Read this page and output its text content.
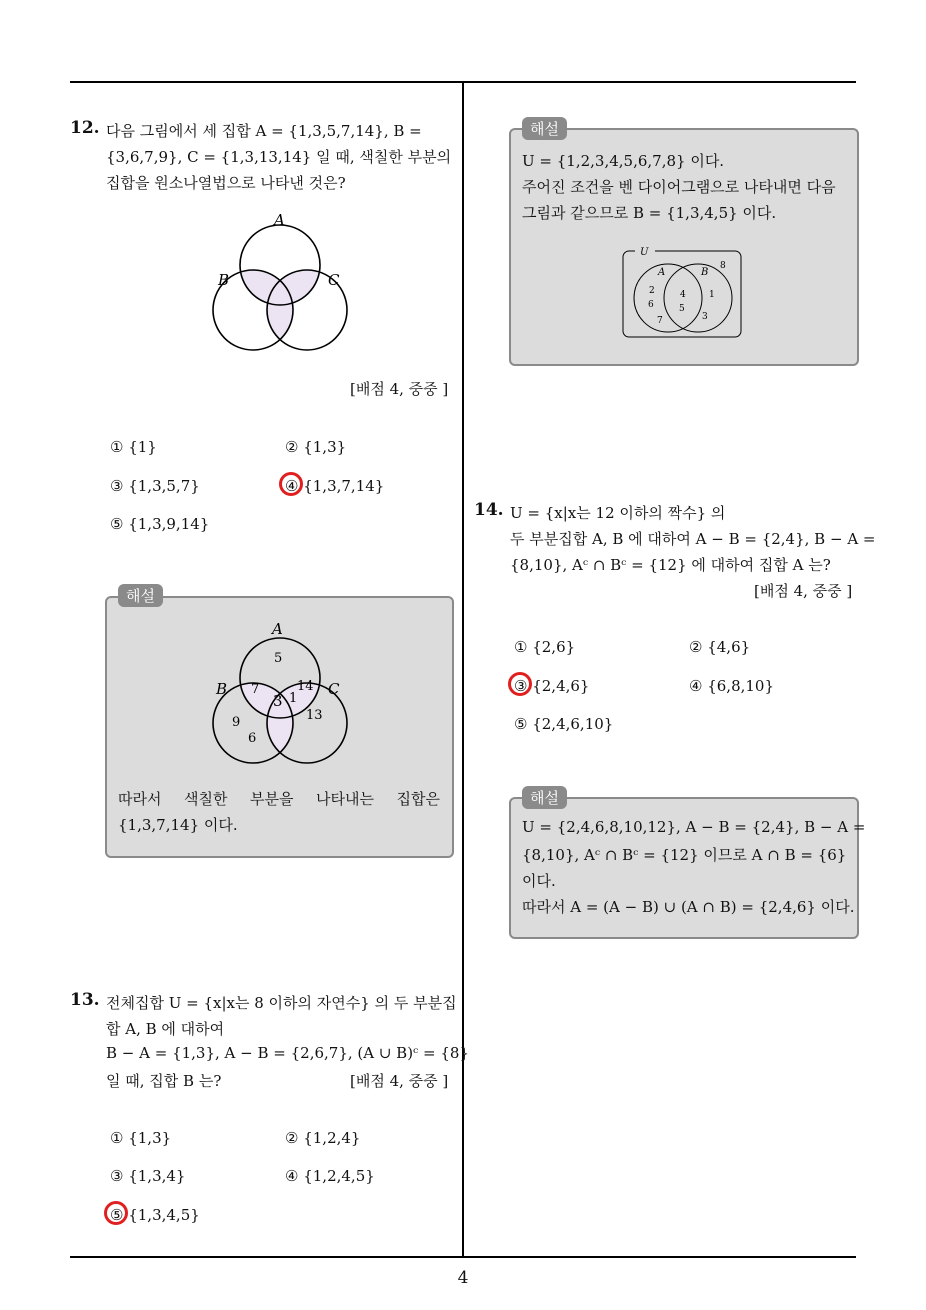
12. 다음 그림에서 세 집합 A = {1,3,5,7,14}, B =
{3,6,7,9}, C = {1,3,13,14} 일 때, 색칠한 부분의
집합을 원소나열법으로 나타낸 것은?
A
B	C
[배점 4, 중중 ]
① {1}	② {1,3}
③ {1,3,5,7}	④ {1,3,7,14}
⑤ {1,3,9,14}
해설
A
B	C
5
7	14
3 1
9
6
13
따라서 색칠한 부분을 나타내는 집합은
{1,3,7,14} 이다.
13. 전체집합 U = {x|x는 8 이하의 자연수} 의 두 부분집
합 A, B 에 대하여
B − A = {1,3}, A − B = {2,6,7}, (A ∪ B)ᶜ = {8}
일 때, 집합 B 는?	[배점 4, 중중 ]
① {1,3}	② {1,2,4}
③ {1,3,4}	④ {1,2,4,5}
⑤ {1,3,4,5}
해설
U = {1,2,3,4,5,6,7,8} 이다.
주어진 조건을 벤 다이어그램으로 나타내면 다음
그림과 같으므로 B = {1,3,4,5} 이다.
U
A	B
8
2
6
7
4
5
1
3
14. U = {x|x는 12 이하의 짝수} 의
두 부분집합 A, B 에 대하여 A − B = {2,4}, B − A =
{8,10}, Aᶜ ∩ Bᶜ = {12} 에 대하여 집합 A 는?
[배점 4, 중중 ]
① {2,6}	② {4,6}
③ {2,4,6}	④ {6,8,10}
⑤ {2,4,6,10}
해설
U = {2,4,6,8,10,12}, A − B = {2,4}, B − A =
{8,10}, Aᶜ ∩ Bᶜ = {12} 이므로 A ∩ B = {6}
이다.
따라서 A = (A − B) ∪ (A ∩ B) = {2,4,6} 이다.
4
